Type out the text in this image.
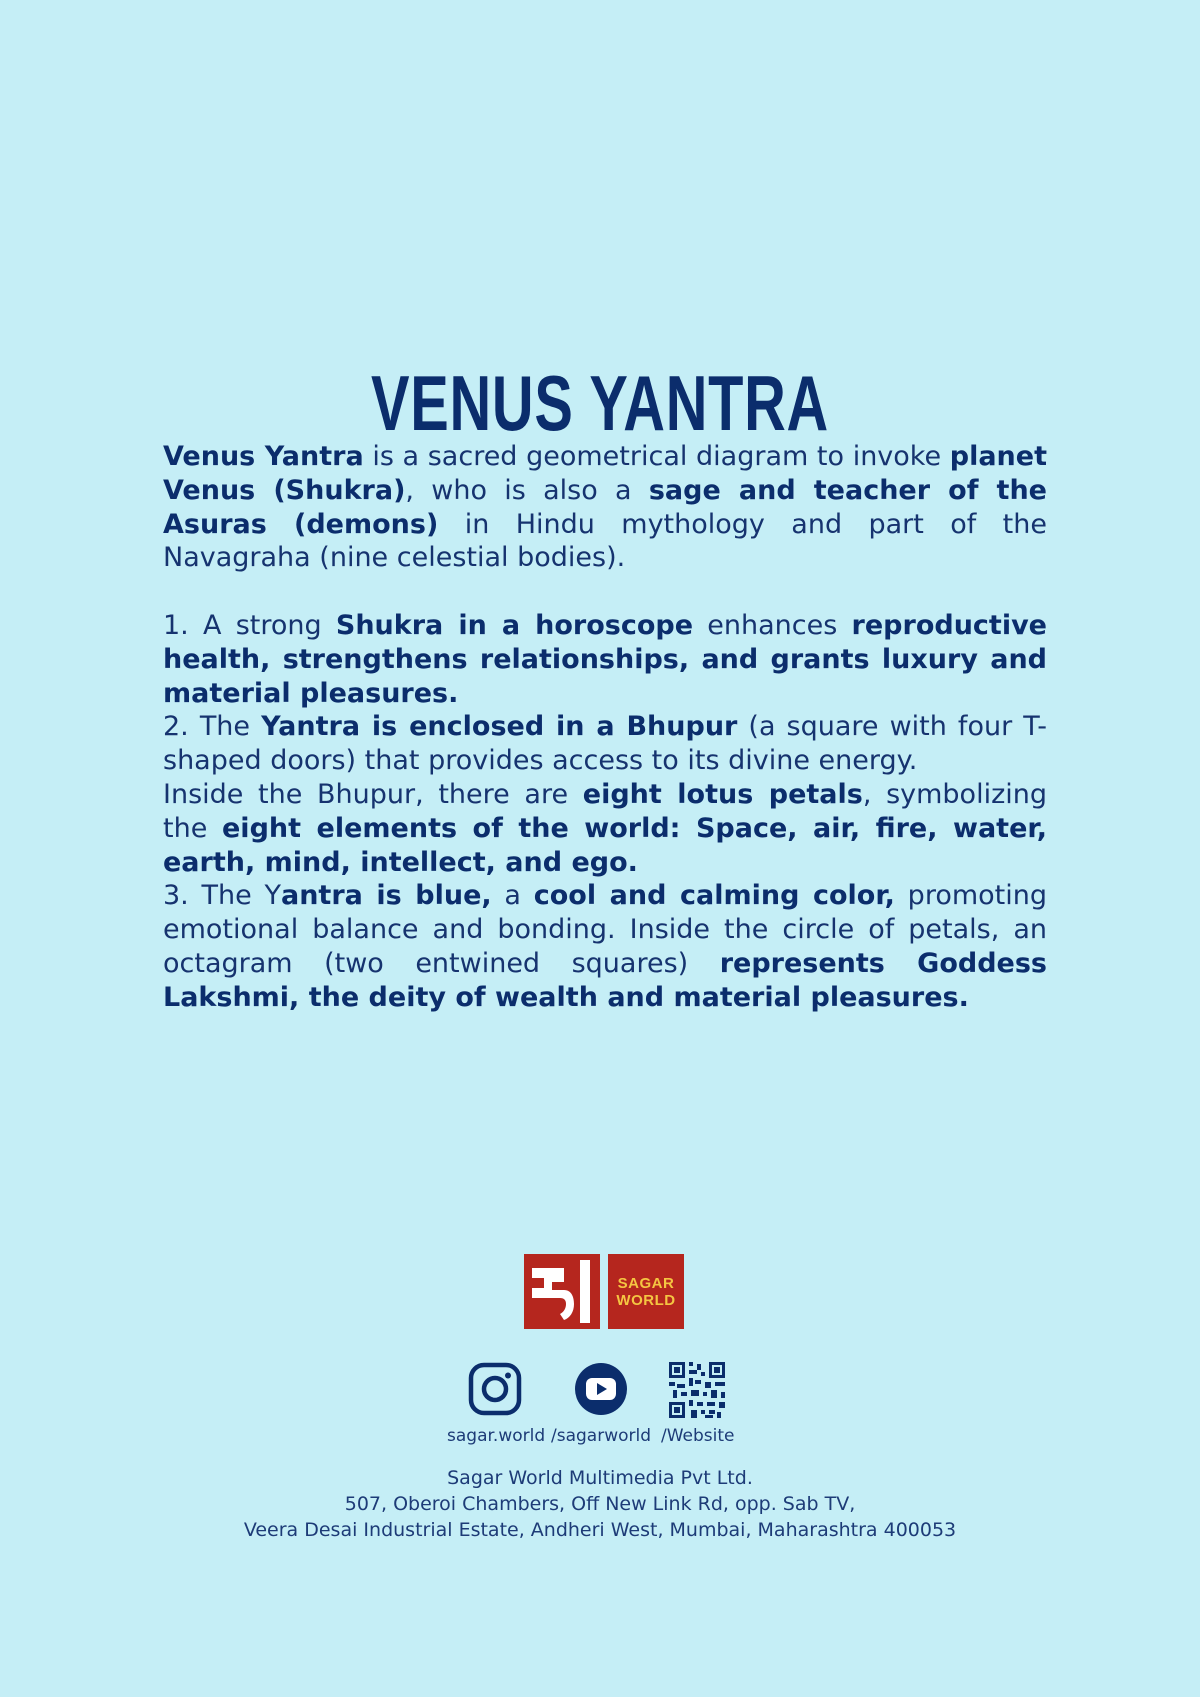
VENUS YANTRA

Venus Yantra is a sacred geometrical diagram to invoke planet Venus (Shukra), who is also a sage and teacher of the Asuras (demons) in Hindu mythology and part of the Navagraha (nine celestial bodies).

1. A strong Shukra in a horoscope enhances reproductive health, strengthens relationships, and grants luxury and material pleasures.

2. The Yantra is enclosed in a Bhupur (a square with four T-shaped doors) that provides access to its divine energy.

Inside the Bhupur, there are eight lotus petals, symbolizing the eight elements of the world: Space, air, fire, water, earth, mind, intellect, and ego.

3. The Yantra is blue, a cool and calming color, promoting emotional balance and bonding. Inside the circle of petals, an octagram (two entwined squares) represents Goddess Lakshmi, the deity of wealth and material pleasures.

SAGAR
WORLD
sagar.world /sagarworld /Website
Sagar World Multimedia Pvt Ltd.
507, Oberoi Chambers, Off New Link Rd, opp. Sab TV,
Veera Desai Industrial Estate, Andheri West, Mumbai, Maharashtra 400053
